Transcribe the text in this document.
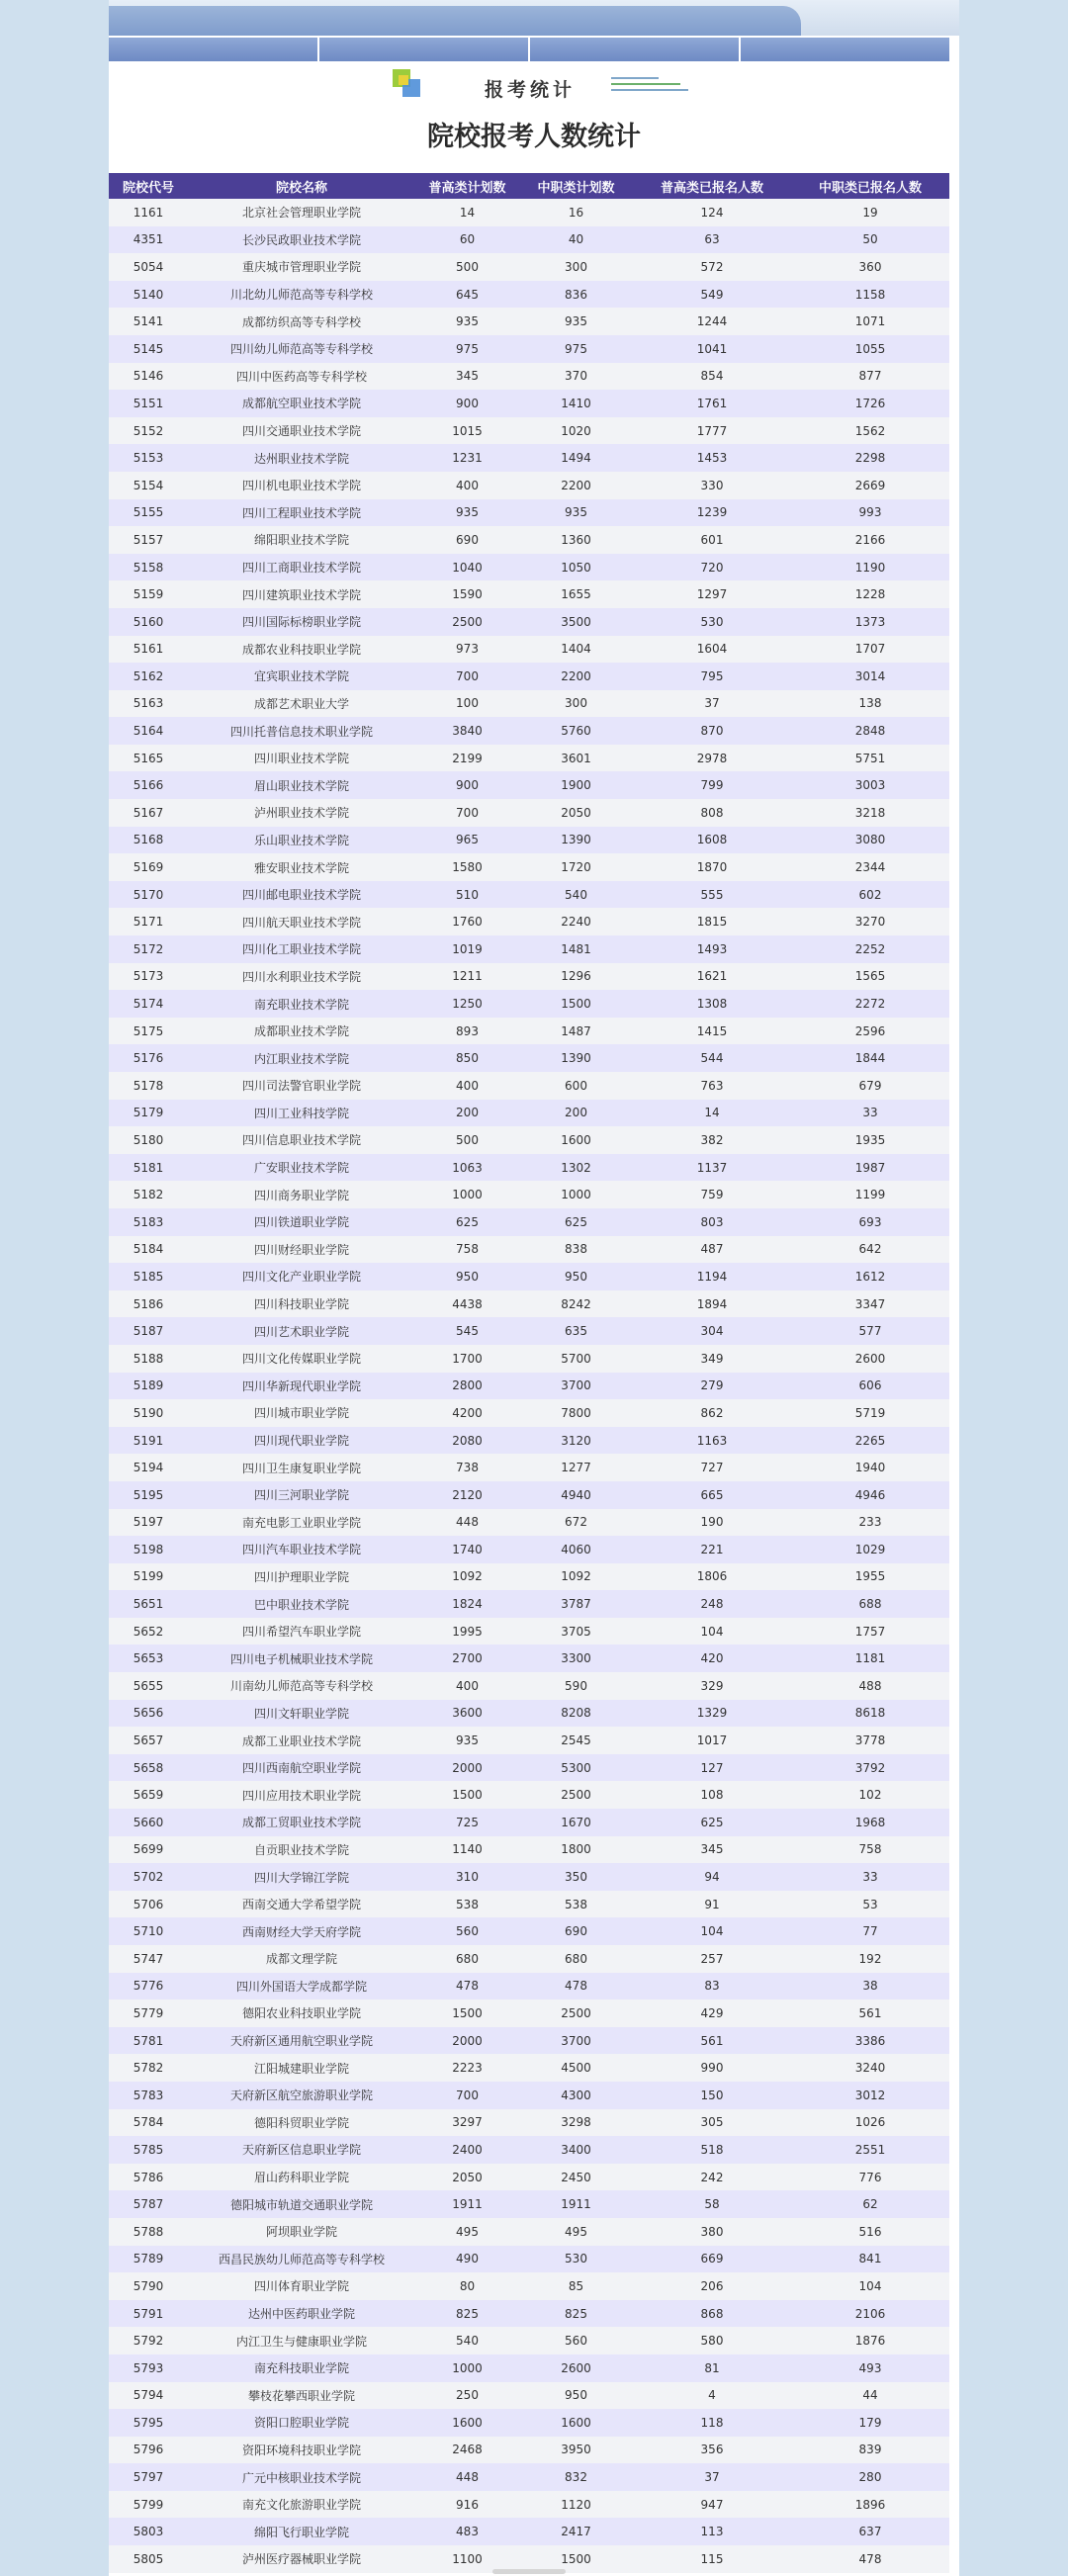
报考统计
院校报考人数统计
院校代号	院校名称	普高类计划数	中职类计划数	普高类已报名人数	中职类已报名人数
1161	北京社会管理职业学院	14	16	124	19
4351	长沙民政职业技术学院	60	40	63	50
5054	重庆城市管理职业学院	500	300	572	360
5140	川北幼儿师范高等专科学校	645	836	549	1158
5141	成都纺织高等专科学校	935	935	1244	1071
5145	四川幼儿师范高等专科学校	975	975	1041	1055
5146	四川中医药高等专科学校	345	370	854	877
5151	成都航空职业技术学院	900	1410	1761	1726
5152	四川交通职业技术学院	1015	1020	1777	1562
5153	达州职业技术学院	1231	1494	1453	2298
5154	四川机电职业技术学院	400	2200	330	2669
5155	四川工程职业技术学院	935	935	1239	993
5157	绵阳职业技术学院	690	1360	601	2166
5158	四川工商职业技术学院	1040	1050	720	1190
5159	四川建筑职业技术学院	1590	1655	1297	1228
5160	四川国际标榜职业学院	2500	3500	530	1373
5161	成都农业科技职业学院	973	1404	1604	1707
5162	宜宾职业技术学院	700	2200	795	3014
5163	成都艺术职业大学	100	300	37	138
5164	四川托普信息技术职业学院	3840	5760	870	2848
5165	四川职业技术学院	2199	3601	2978	5751
5166	眉山职业技术学院	900	1900	799	3003
5167	泸州职业技术学院	700	2050	808	3218
5168	乐山职业技术学院	965	1390	1608	3080
5169	雅安职业技术学院	1580	1720	1870	2344
5170	四川邮电职业技术学院	510	540	555	602
5171	四川航天职业技术学院	1760	2240	1815	3270
5172	四川化工职业技术学院	1019	1481	1493	2252
5173	四川水利职业技术学院	1211	1296	1621	1565
5174	南充职业技术学院	1250	1500	1308	2272
5175	成都职业技术学院	893	1487	1415	2596
5176	内江职业技术学院	850	1390	544	1844
5178	四川司法警官职业学院	400	600	763	679
5179	四川工业科技学院	200	200	14	33
5180	四川信息职业技术学院	500	1600	382	1935
5181	广安职业技术学院	1063	1302	1137	1987
5182	四川商务职业学院	1000	1000	759	1199
5183	四川铁道职业学院	625	625	803	693
5184	四川财经职业学院	758	838	487	642
5185	四川文化产业职业学院	950	950	1194	1612
5186	四川科技职业学院	4438	8242	1894	3347
5187	四川艺术职业学院	545	635	304	577
5188	四川文化传媒职业学院	1700	5700	349	2600
5189	四川华新现代职业学院	2800	3700	279	606
5190	四川城市职业学院	4200	7800	862	5719
5191	四川现代职业学院	2080	3120	1163	2265
5194	四川卫生康复职业学院	738	1277	727	1940
5195	四川三河职业学院	2120	4940	665	4946
5197	南充电影工业职业学院	448	672	190	233
5198	四川汽车职业技术学院	1740	4060	221	1029
5199	四川护理职业学院	1092	1092	1806	1955
5651	巴中职业技术学院	1824	3787	248	688
5652	四川希望汽车职业学院	1995	3705	104	1757
5653	四川电子机械职业技术学院	2700	3300	420	1181
5655	川南幼儿师范高等专科学校	400	590	329	488
5656	四川文轩职业学院	3600	8208	1329	8618
5657	成都工业职业技术学院	935	2545	1017	3778
5658	四川西南航空职业学院	2000	5300	127	3792
5659	四川应用技术职业学院	1500	2500	108	102
5660	成都工贸职业技术学院	725	1670	625	1968
5699	自贡职业技术学院	1140	1800	345	758
5702	四川大学锦江学院	310	350	94	33
5706	西南交通大学希望学院	538	538	91	53
5710	西南财经大学天府学院	560	690	104	77
5747	成都文理学院	680	680	257	192
5776	四川外国语大学成都学院	478	478	83	38
5779	德阳农业科技职业学院	1500	2500	429	561
5781	天府新区通用航空职业学院	2000	3700	561	3386
5782	江阳城建职业学院	2223	4500	990	3240
5783	天府新区航空旅游职业学院	700	4300	150	3012
5784	德阳科贸职业学院	3297	3298	305	1026
5785	天府新区信息职业学院	2400	3400	518	2551
5786	眉山药科职业学院	2050	2450	242	776
5787	德阳城市轨道交通职业学院	1911	1911	58	62
5788	阿坝职业学院	495	495	380	516
5789	西昌民族幼儿师范高等专科学校	490	530	669	841
5790	四川体育职业学院	80	85	206	104
5791	达州中医药职业学院	825	825	868	2106
5792	内江卫生与健康职业学院	540	560	580	1876
5793	南充科技职业学院	1000	2600	81	493
5794	攀枝花攀西职业学院	250	950	4	44
5795	资阳口腔职业学院	1600	1600	118	179
5796	资阳环境科技职业学院	2468	3950	356	839
5797	广元中核职业技术学院	448	832	37	280
5799	南充文化旅游职业学院	916	1120	947	1896
5803	绵阳飞行职业学院	483	2417	113	637
5805	泸州医疗器械职业学院	1100	1500	115	478
